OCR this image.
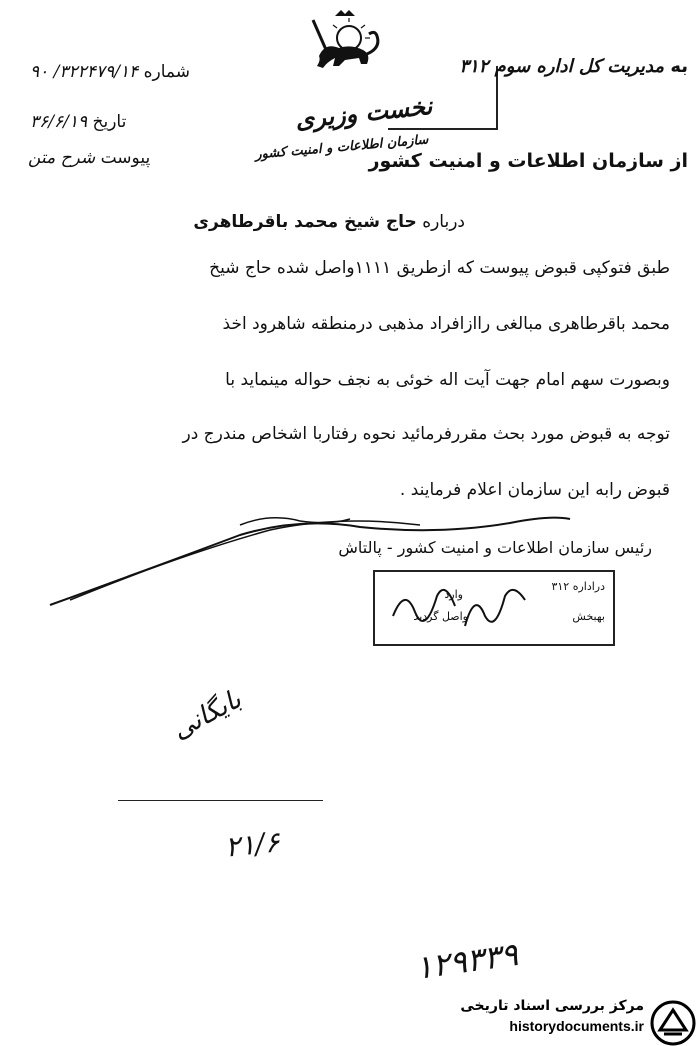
به مدیریت کل اداره سوم ۳۱۲
شماره ۳۲۲۴۷۹/۱۴/ ۹۰
تاریخ ۳۶/۶/۱۹
پیوست شرح متن
نخست وزیری
سازمان اطلاعات و امنیت کشور	از سازمان اطلاعات و امنیت کشور
درباره حاج شیخ محمد باقرطاهری
طبق فتوکپی قبوض پیوست که ازطریق ۱۱۱۱واصل شده حاج شیخ
محمد باقرطاهری مبالغی راازافراد مذهبی درمنطقه شاهرود اخذ
وبصورت سهم امام جهت آیت اله خوئی به نجف حواله مینماید با
توجه به قبوض مورد بحث مقررفرمائید نحوه رفتاربا اشخاص مندرج در
قبوض رابه این سازمان اعلام فرمایند .
رئیس سازمان اطلاعات و امنیت کشور - پالتاش
دراداره ۳۱۲
وارد
بهبخش
واصل گردید
بایگانی
۲۱/۶
۱۲۹۳۳۹
مرکز بررسی اسناد تاریخی
historydocuments.ir
